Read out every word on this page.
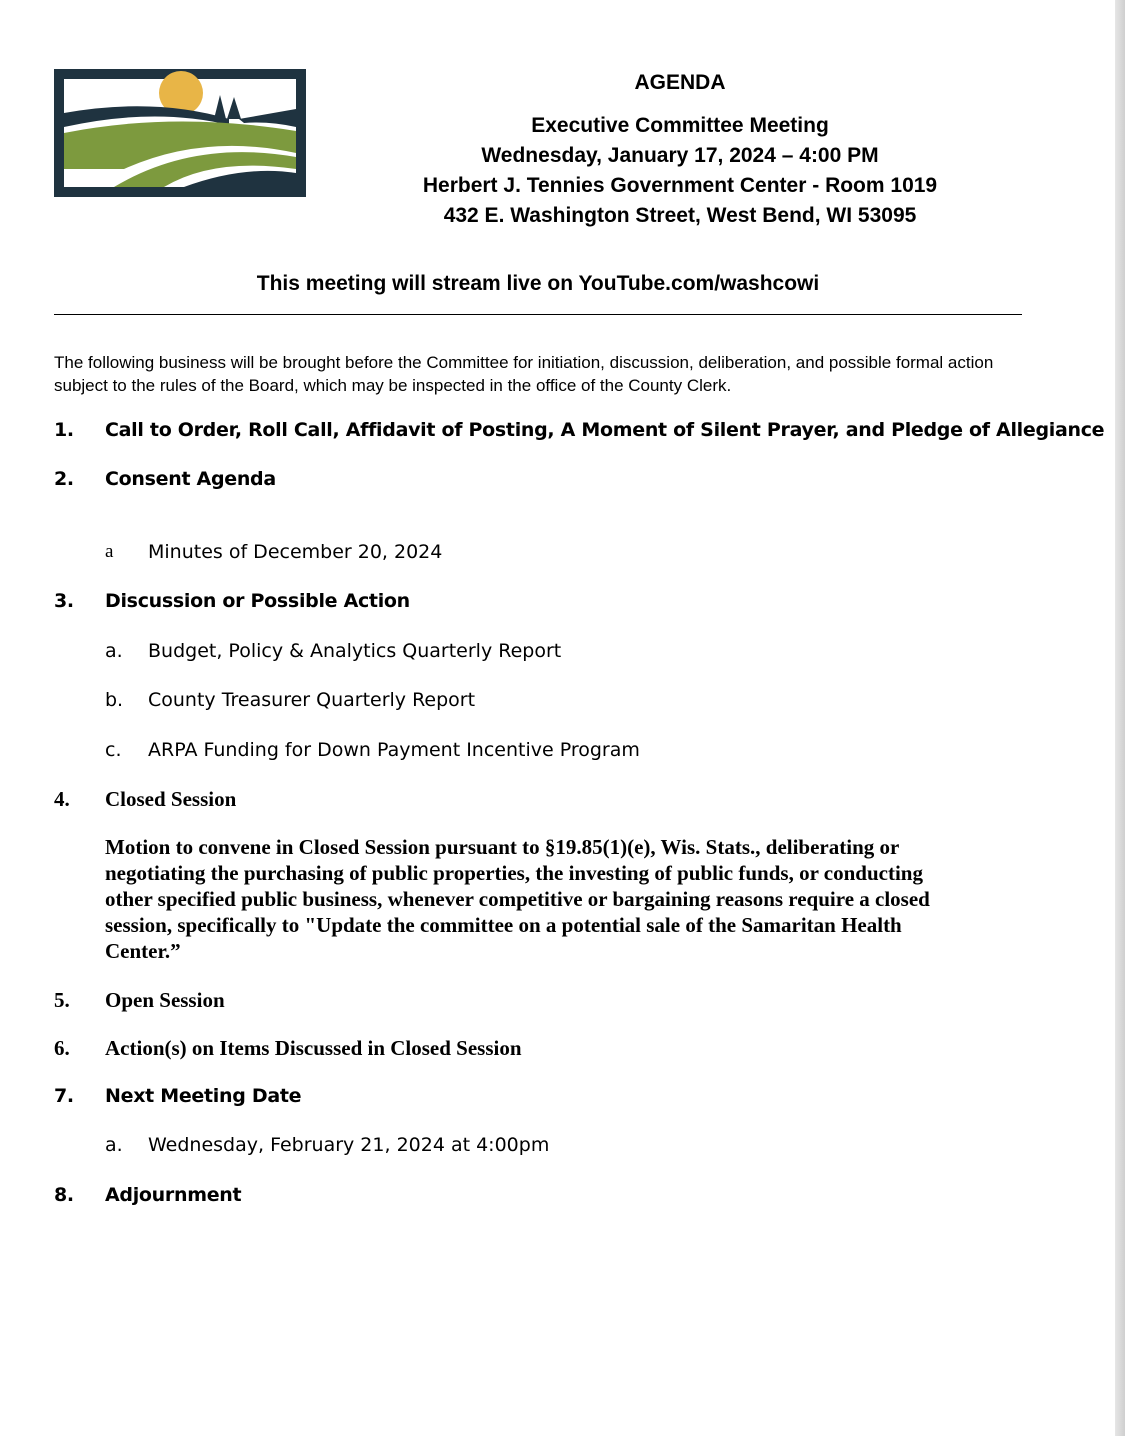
AGENDA
Executive Committee Meeting
Wednesday, January 17, 2024 – 4:00 PM
Herbert J. Tennies Government Center - Room 1019
432 E. Washington Street, West Bend, WI 53095
This meeting will stream live on YouTube.com/washcowi
The following business will be brought before the Committee for initiation, discussion, deliberation, and possible formal action subject to the rules of the Board, which may be inspected in the office of the County Clerk.
1. Call to Order, Roll Call, Affidavit of Posting, A Moment of Silent Prayer, and Pledge of Allegiance
2. Consent Agenda
a Minutes of December 20, 2024
3. Discussion or Possible Action
a. Budget, Policy & Analytics Quarterly Report
b. County Treasurer Quarterly Report
c. ARPA Funding for Down Payment Incentive Program
4. Closed Session
Motion to convene in Closed Session pursuant to §19.85(1)(e), Wis. Stats., deliberating or negotiating the purchasing of public properties, the investing of public funds, or conducting other specified public business, whenever competitive or bargaining reasons require a closed session, specifically to "Update the committee on a potential sale of the Samaritan Health Center.”
5. Open Session
6. Action(s) on Items Discussed in Closed Session
7. Next Meeting Date
a. Wednesday, February 21, 2024 at 4:00pm
8. Adjournment
